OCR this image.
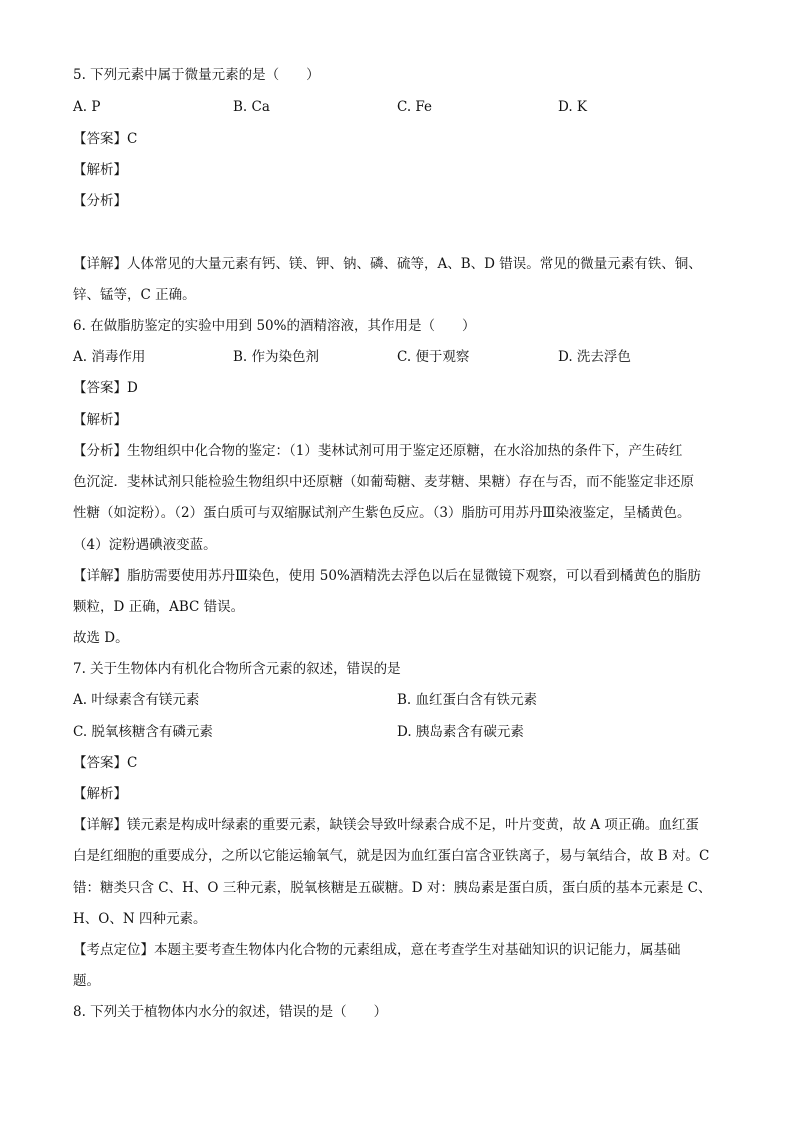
5. 下列元素中属于微量元素的是（　　）
A. P	B. Ca	C. Fe	D. K
【答案】C
【解析】
【分析】
【详解】人体常见的大量元素有钙、镁、钾、钠、磷、硫等，A、B、D 错误。常见的微量元素有铁、铜、
锌、锰等，C 正确。
6. 在做脂肪鉴定的实验中用到 50%的酒精溶液，其作用是（　　）
A. 消毒作用	B. 作为染色剂	C. 便于观察	D. 洗去浮色
【答案】D
【解析】
【分析】生物组织中化合物的鉴定：（1）斐林试剂可用于鉴定还原糖，在水浴加热的条件下，产生砖红
色沉淀．斐林试剂只能检验生物组织中还原糖（如葡萄糖、麦芽糖、果糖）存在与否，而不能鉴定非还原
性糖（如淀粉）。（2）蛋白质可与双缩脲试剂产生紫色反应。（3）脂肪可用苏丹Ⅲ染液鉴定，呈橘黄色。
（4）淀粉遇碘液变蓝。
【详解】脂肪需要使用苏丹Ⅲ染色，使用 50%酒精洗去浮色以后在显微镜下观察，可以看到橘黄色的脂肪
颗粒，D 正确，ABC 错误。
故选 D。
7. 关于生物体内有机化合物所含元素的叙述，错误的是
A. 叶绿素含有镁元素	B. 血红蛋白含有铁元素
C. 脱氧核糖含有磷元素	D. 胰岛素含有碳元素
【答案】C
【解析】
【详解】镁元素是构成叶绿素的重要元素，缺镁会导致叶绿素合成不足，叶片变黄，故 A 项正确。血红蛋
白是红细胞的重要成分，之所以它能运输氧气，就是因为血红蛋白富含亚铁离子，易与氧结合，故 B 对。C
错：糖类只含 C、H、O 三种元素，脱氧核糖是五碳糖。D 对：胰岛素是蛋白质，蛋白质的基本元素是 C、
H、O、N 四种元素。
【考点定位】本题主要考查生物体内化合物的元素组成，意在考查学生对基础知识的识记能力，属基础
题。
8. 下列关于植物体内水分的叙述，错误的是（　　）
